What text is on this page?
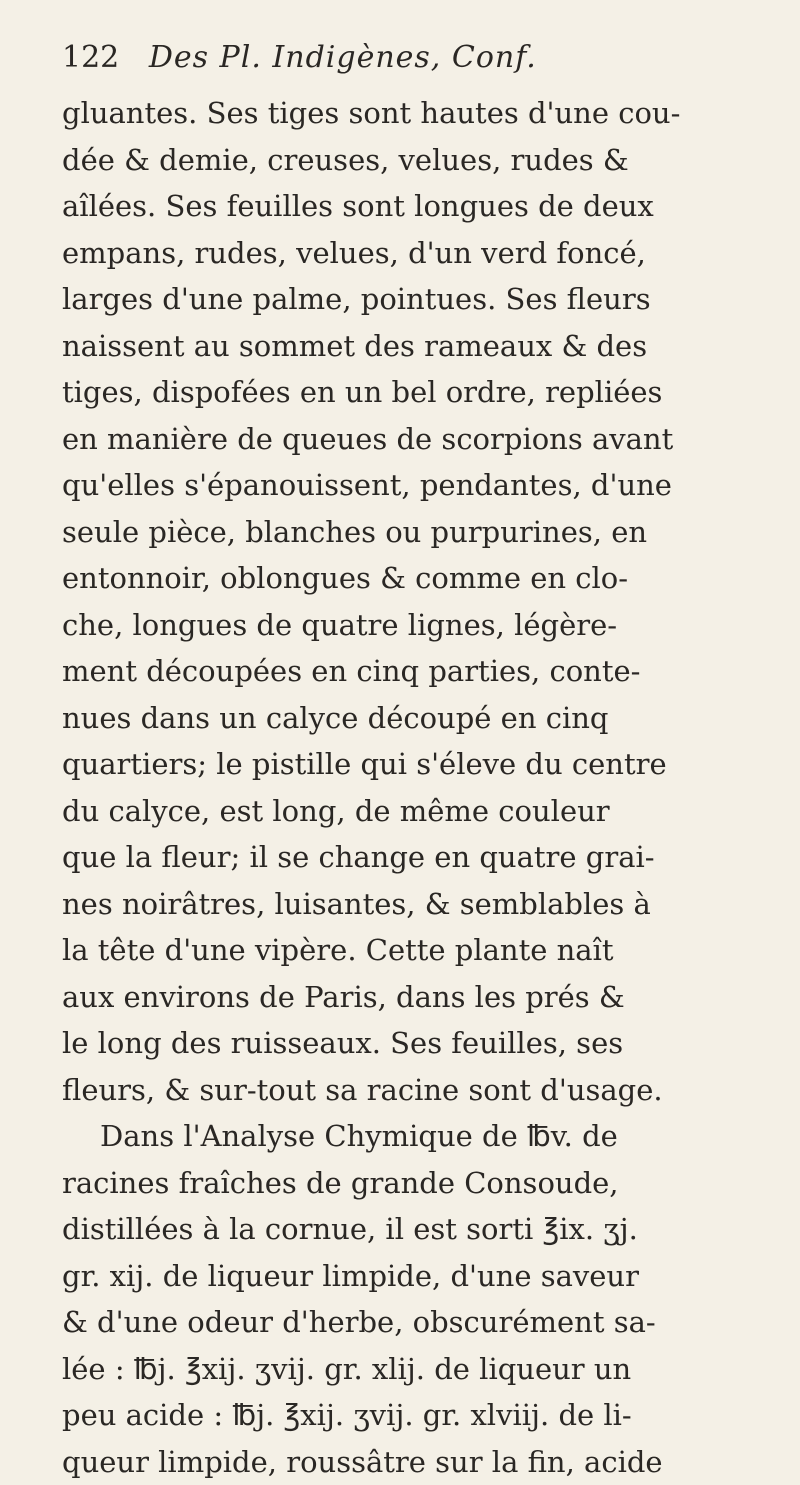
122 Des Pl. Indigènes, Conf.
gluantes. Ses tiges sont hautes d'une cou-
dée & demie, creuses, velues, rudes &
aîlées. Ses feuilles sont longues de deux
empans, rudes, velues, d'un verd foncé,
larges d'une palme, pointues. Ses fleurs
naissent au sommet des rameaux & des
tiges, dispofées en un bel ordre, repliées
en manière de queues de scorpions avant
qu'elles s'épanouissent, pendantes, d'une
seule pièce, blanches ou purpurines, en
entonnoir, oblongues & comme en clo-
che, longues de quatre lignes, légère-
ment découpées en cinq parties, conte-
nues dans un calyce découpé en cinq
quartiers; le pistille qui s'éleve du centre
du calyce, est long, de même couleur
que la fleur; il se change en quatre grai-
nes noirâtres, luisantes, & semblables à
la tête d'une vipère. Cette plante naît
aux environs de Paris, dans les prés &
le long des ruisseaux. Ses feuilles, ses
fleurs, & sur-tout sa racine sont d'usage.
Dans l'Analyse Chymique de ℔v. de
racines fraîches de grande Consoude,
distillées à la cornue, il est sorti ℥ix. ʒj.
gr. xij. de liqueur limpide, d'une saveur
& d'une odeur d'herbe, obscurément sa-
lée : ℔j. ℥xij. ʒvij. gr. xlij. de liqueur un
peu acide : ℔j. ℥xij. ʒvij. gr. xlviij. de li-
queur limpide, roussâtre sur la fin, acide
